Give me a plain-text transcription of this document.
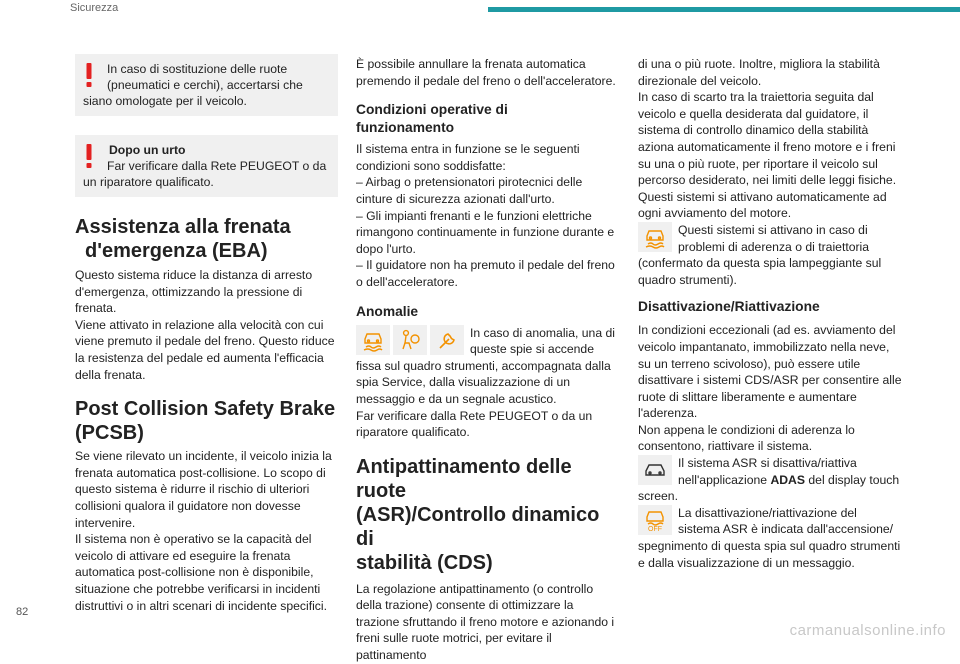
Sicurezza
In caso di sostituzione delle ruote
(pneumatici e cerchi), accertarsi che
siano omologate per il veicolo.
Dopo un urto
Far verificare dalla Rete PEUGEOT o da
un riparatore qualificato.
Assistenza alla frenata
d'emergenza (EBA)

Questo sistema riduce la distanza di arresto d'emergenza, ottimizzando la pressione di frenata.

Viene attivato in relazione alla velocità con cui viene premuto il pedale del freno. Questo riduce la resistenza del pedale ed aumenta l'efficacia della frenata.

Post Collision Safety Brake
(PCSB)

Se viene rilevato un incidente, il veicolo inizia la frenata automatica post-collisione. Lo scopo di questo sistema è ridurre il rischio di ulteriori collisioni qualora il guidatore non dovesse intervenire.

Il sistema non è operativo se la capacità del veicolo di attivare ed eseguire la frenata automatica post-collisione non è disponibile, situazione che potrebbe verificarsi in incidenti distruttivi o in altri scenari di incidente specifici.

È possibile annullare la frenata automatica premendo il pedale del freno o dell'acceleratore.

Condizioni operative di
funzionamento

Il sistema entra in funzione se le seguenti condizioni sono soddisfatte:

– Airbag o pretensionatori pirotecnici delle cinture di sicurezza azionati dall'urto.

– Gli impianti frenanti e le funzioni elettriche rimangono continuamente in funzione durante e dopo l'urto.

– Il guidatore non ha premuto il pedale del freno o dell'acceleratore.

Anomalie

In caso di anomalia, una di queste spie si accende fissa sul quadro strumenti, accompagnata dalla spia Service, dalla visualizzazione di un messaggio e da un segnale acustico.

Far verificare dalla Rete PEUGEOT o da un riparatore qualificato.

Antipattinamento delle ruote
(ASR)/Controllo dinamico di
stabilità (CDS)

La regolazione antipattinamento (o controllo della trazione) consente di ottimizzare la trazione sfruttando il freno motore e azionando i freni sulle ruote motrici, per evitare il pattinamento

di una o più ruote. Inoltre, migliora la stabilità direzionale del veicolo.

In caso di scarto tra la traiettoria seguita dal veicolo e quella desiderata dal guidatore, il sistema di controllo dinamico della stabilità aziona automaticamente il freno motore e i freni su una o più ruote, per riportare il veicolo sul percorso desiderato, nei limiti delle leggi fisiche.

Questi sistemi si attivano automaticamente ad ogni avviamento del motore.

Questi sistemi si attivano in caso di problemi di aderenza o di traiettoria (confermato da questa spia lampeggiante sul quadro strumenti).

Disattivazione/Riattivazione

In condizioni eccezionali (ad es. avviamento del veicolo impantanato, immobilizzato nella neve, su un terreno scivoloso), può essere utile disattivare i sistemi CDS/ASR per consentire alle ruote di slittare liberamente e aumentare l'aderenza.

Non appena le condizioni di aderenza lo consentono, riattivare il sistema.

Il sistema ASR si disattiva/riattiva nell'applicazione ADAS del display touch screen.

OFF

La disattivazione/riattivazione del sistema ASR è indicata dall'accensione/ spegnimento di questa spia sul quadro strumenti e dalla visualizzazione di un messaggio.

82
carmanualsonline.info
